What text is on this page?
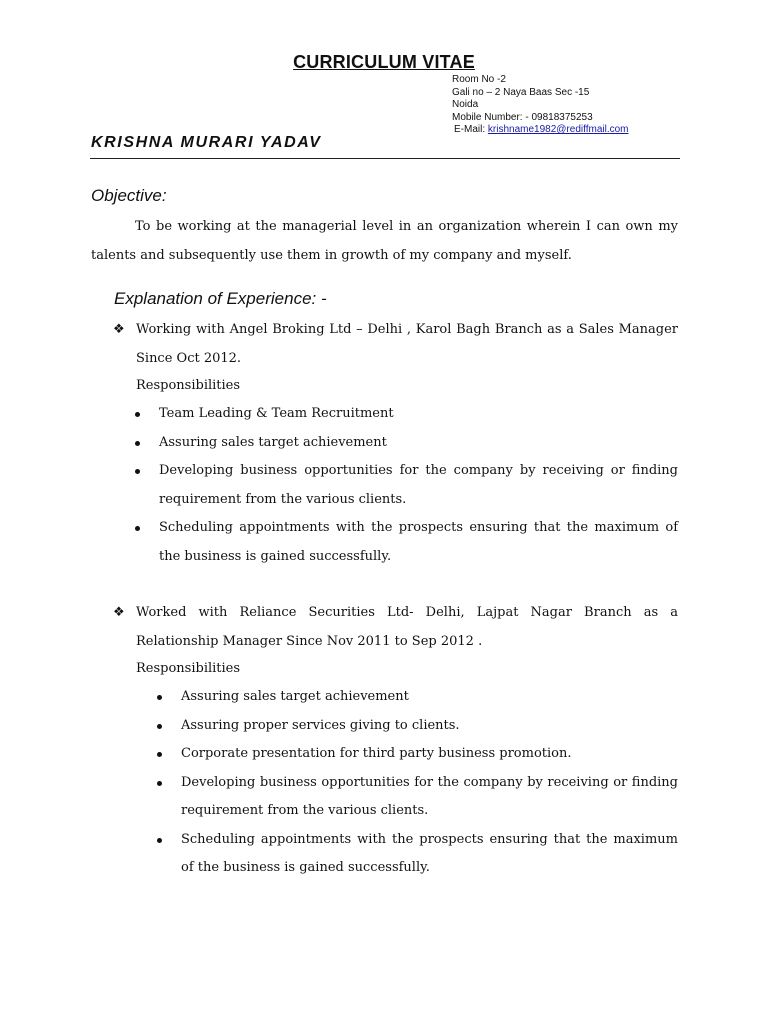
CURRICULUM VITAE
Room No -2
Gali no – 2 Naya Baas Sec -15
Noida
Mobile Number: - 09818375253
E-Mail: krishname1982@rediffmail.com
KRISHNA MURARI YADAV
Objective:
To be working at the managerial level in an organization wherein I can own my talents and subsequently use them in growth of my company and myself.
Explanation of Experience: -
❖ Working with Angel Broking Ltd – Delhi , Karol Bagh Branch as a Sales Manager Since Oct 2012.
Responsibilities
Team Leading & Team Recruitment
Assuring sales target achievement
Developing business opportunities for the company by receiving or finding requirement from the various clients.
Scheduling appointments with the prospects ensuring that the maximum of the business is gained successfully.
❖ Worked with Reliance Securities Ltd- Delhi, Lajpat Nagar Branch as a Relationship Manager Since Nov 2011 to Sep 2012 .
Responsibilities
Assuring sales target achievement
Assuring proper services giving to clients.
Corporate presentation for third party business promotion.
Developing business opportunities for the company by receiving or finding requirement from the various clients.
Scheduling appointments with the prospects ensuring that the maximum of the business is gained successfully.
